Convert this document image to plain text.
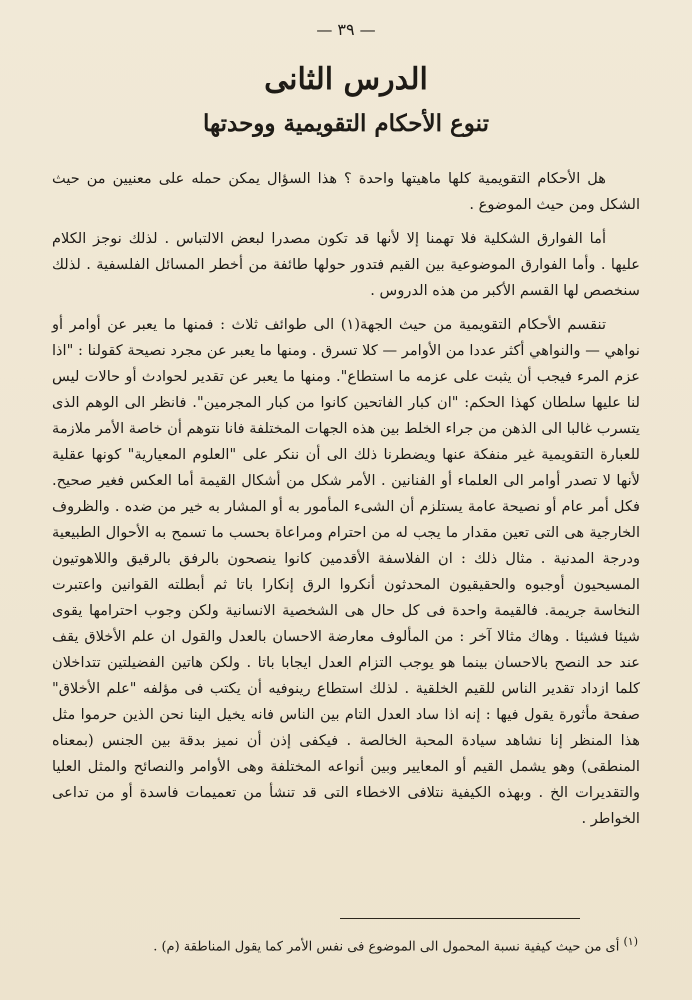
— ٣٩ —
الدرس الثانى
تنوع الأحكام التقويمية ووحدتها

هل الأحكام التقويمية كلها ماهيتها واحدة ؟ هذا السؤال يمكن حمله على معنيين من حيث الشكل ومن حيث الموضوع .

أما الفوارق الشكلية فلا تهمنا إلا لأنها قد تكون مصدرا لبعض الالتباس . لذلك نوجز الكلام عليها . وأما الفوارق الموضوعية بين القيم فتدور حولها طائفة من أخطر المسائل الفلسفية . لذلك سنخصص لها القسم الأكبر من هذه الدروس .

تنقسم الأحكام التقويمية من حيث الجهة(١) الى طوائف ثلاث : فمنها ما يعبر عن أوامر أو نواهي — والنواهي أكثر عددا من الأوامر — كلا تسرق . ومنها ما يعبر عن مجرد نصيحة كقولنا : "اذا عزم المرء فيجب أن يثبت على عزمه ما استطاع". ومنها ما يعبر عن تقدير لحوادث أو حالات ليس لنا عليها سلطان كهذا الحكم: "ان كبار الفاتحين كانوا من كبار المجرمين". فانظر الى الوهم الذى يتسرب غالبا الى الذهن من جراء الخلط بين هذه الجهات المختلفة فانا نتوهم أن خاصة الأمر ملازمة للعبارة التقويمية غير منفكة عنها ويضطرنا ذلك الى أن ننكر على "العلوم المعيارية" كونها عقلية لأنها لا تصدر أوامر الى العلماء أو الفنانين . الأمر شكل من أشكال القيمة أما العكس فغير صحيح. فكل أمر عام أو نصيحة عامة يستلزم أن الشىء المأمور به أو المشار به خير من ضده . والظروف الخارجية هى التى تعين مقدار ما يجب له من احترام ومراعاة بحسب ما تسمح به الأحوال الطبيعية ودرجة المدنية . مثال ذلك : ان الفلاسفة الأقدمين كانوا ينصحون بالرفق بالرقيق واللاهوتيون المسيحيون أوجبوه والحقيقيون المحدثون أنكروا الرق إنكارا باتا ثم أبطلته القوانين واعتبرت النخاسة جريمة. فالقيمة واحدة فى كل حال هى الشخصية الانسانية ولكن وجوب احترامها يقوى شيئا فشيئا . وهاك مثالا آخر : من المألوف معارضة الاحسان بالعدل والقول ان علم الأخلاق يقف عند حد النصح بالاحسان بينما هو يوجب التزام العدل ايجابا باتا . ولكن هاتين الفضيلتين تتداخلان كلما ازداد تقدير الناس للقيم الخلقية . لذلك استطاع رينوفيه أن يكتب فى مؤلفه "علم الأخلاق" صفحة مأثورة يقول فيها : إنه اذا ساد العدل التام بين الناس فانه يخيل الينا نحن الذين حرموا مثل هذا المنظر إنا نشاهد سيادة المحبة الخالصة . فيكفى إذن أن نميز بدقة بين الجنس (بمعناه المنطقى) وهو يشمل القيم أو المعايير وبين أنواعه المختلفة وهى الأوامر والنصائح والمثل العليا والتقديرات الخ . وبهذه الكيفية نتلافى الاخطاء التى قد تنشأ من تعميمات فاسدة أو من تداعى الخواطر .

$^{(١)}$ أى من حيث كيفية نسبة المحمول الى الموضوع فى نفس الأمر كما يقول المناطقة (م) .
